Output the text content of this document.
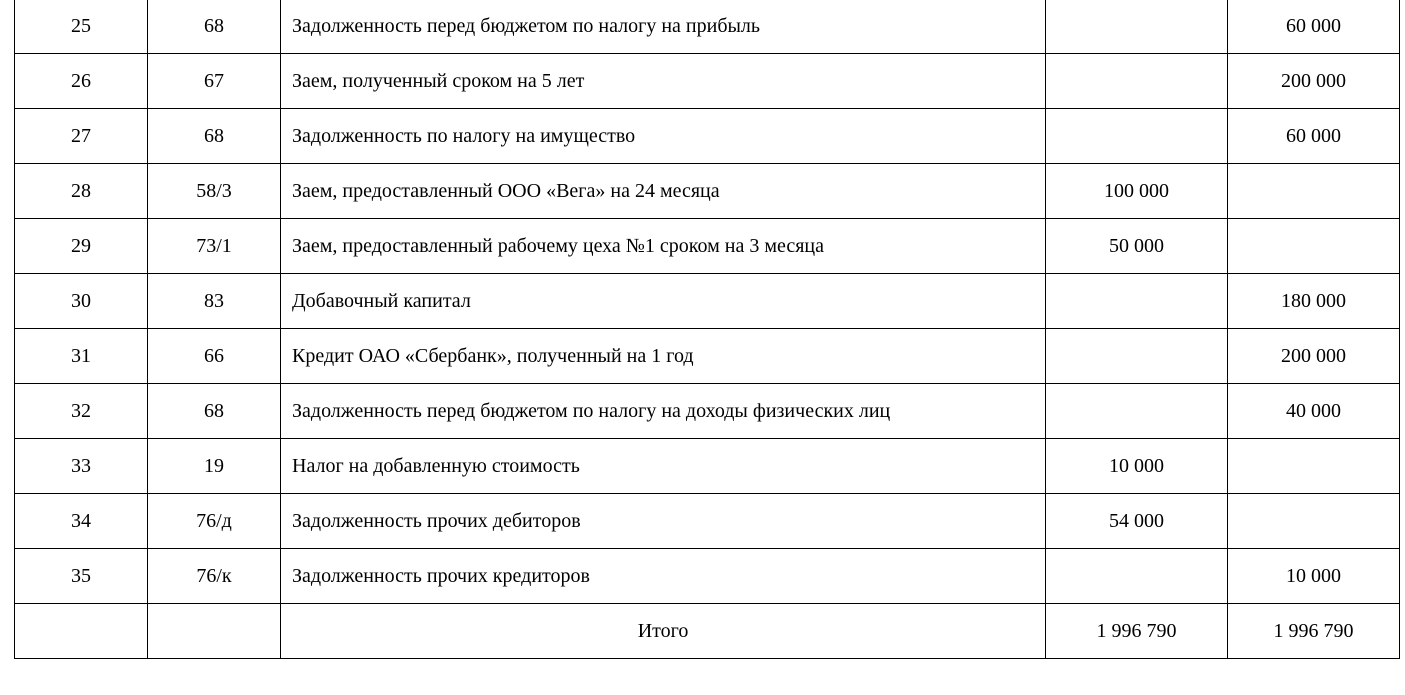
25	68	Задолженность перед бюджетом по налогу на прибыль		60 000
26	67	Заем, полученный сроком на 5 лет		200 000
27	68	Задолженность по налогу на имущество		60 000
28	58/3	Заем, предоставленный ООО «Вега» на 24 месяца	100 000	
29	73/1	Заем, предоставленный рабочему цеха №1 сроком на 3 месяца	50 000	
30	83	Добавочный капитал		180 000
31	66	Кредит ОАО «Сбербанк», полученный на 1 год		200 000
32	68	Задолженность перед бюджетом по налогу на доходы физических лиц		40 000
33	19	Налог на добавленную стоимость	10 000	
34	76/д	Задолженность прочих дебиторов	54 000	
35	76/к	Задолженность прочих кредиторов		10 000
		Итого	1 996 790	1 996 790
